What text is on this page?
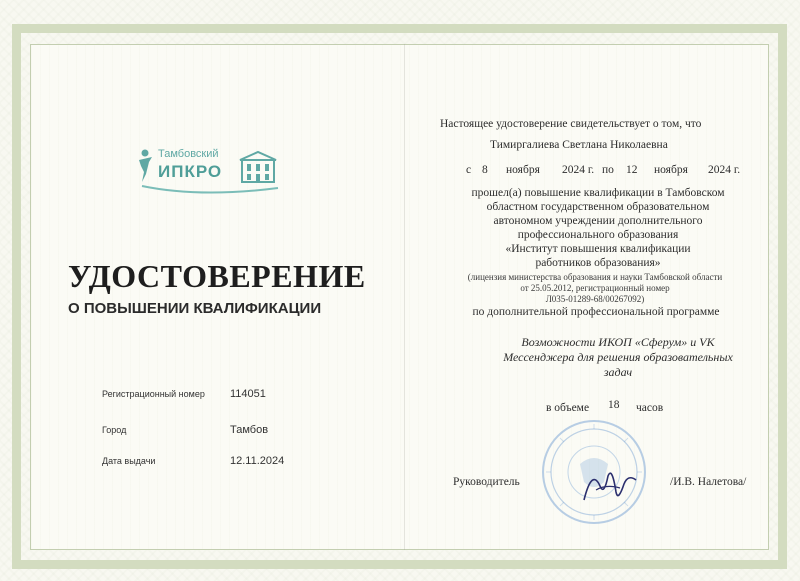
Тамбовский
ИПКРО
УДОСТОВЕРЕНИЕ
О ПОВЫШЕНИИ КВАЛИФИКАЦИИ
Регистрационный номер 114051
Город	Тамбов
Дата выдачи	12.11.2024
Настоящее удостоверение свидетельствует о том, что
Тимиргалиева Светлана Николаевна
с 8 ноября 2024 г. по 12 ноября 2024 г.
прошел(а) повышение квалификации в Тамбовском
областном государственном образовательном
автономном учреждении дополнительного
профессионального образования
«Институт повышения квалификации
работников образования»
(лицензия министерства образования и науки Тамбовской области
от 25.05.2012, регистрационный номер
Л035-01289-68/00267092)
по дополнительной профессиональной программе
Возможности ИКОП «Сферум» и VK
Мессенджера для решения образовательных
задач
в объеме 18 часов
Руководитель	/И.В. Налетова/
